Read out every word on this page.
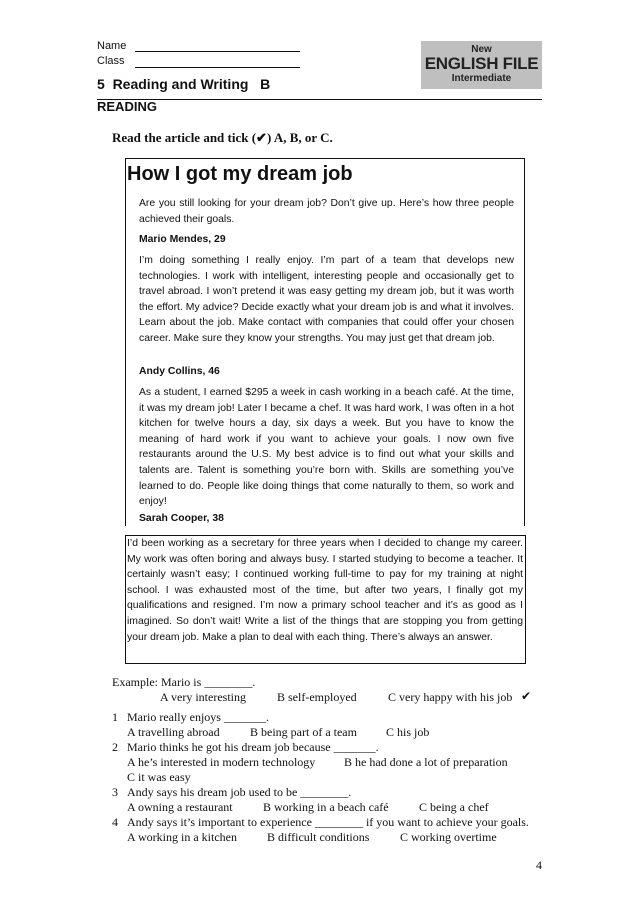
Name
Class
New
ENGLISH FILE
Intermediate
5  Reading and Writing   B
READING
Read the article and tick (✔) A, B, or C.
How I got my dream job
Are you still looking for your dream job? Don’t give up. Here’s how three people achieved their goals.
Mario Mendes, 29
I’m doing something I really enjoy. I’m part of a team that develops new technologies. I work with intelligent, interesting people and occasionally get to travel abroad. I won’t pretend it was easy getting my dream job, but it was worth the effort. My advice? Decide exactly what your dream job is and what it involves. Learn about the job. Make contact with companies that could offer your chosen career. Make sure they know your strengths. You may just get that dream job.
Andy Collins, 46
As a student, I earned $295 a week in cash working in a beach café. At the time, it was my dream job! Later I became a chef. It was hard work, I was often in a hot kitchen for twelve hours a day, six days a week. But you have to know the meaning of hard work if you want to achieve your goals. I now own five restaurants around the U.S. My best advice is to find out what your skills and talents are. Talent is something you’re born with. Skills are something you’ve learned to do. People like doing things that come naturally to them, so work and enjoy!
Sarah Cooper, 38
I’d been working as a secretary for three years when I decided to change my career. My work was often boring and always busy. I started studying to become a teacher. It certainly wasn’t easy; I continued working full-time to pay for my training at night school. I was exhausted most of the time, but after two years, I finally got my qualifications and resigned. I’m now a primary school teacher and it’s as good as I imagined. So don’t wait! Write a list of the things that are stopping you from getting your dream job. Make a plan to deal with each thing. There’s always an answer.
Example: Mario is ________.
A very interesting	B self-employed	C very happy with his job ✔
1 Mario really enjoys _______.
A travelling abroad	B being part of a team C his job
2 Mario thinks he got his dream job because _______.
A he’s interested in modern technology B he had done a lot of preparation
C it was easy
3 Andy says his dream job used to be ________.
A owning a restaurant	B working in a beach café	C being a chef
4 Andy says it’s important to experience ________ if you want to achieve your goals.
A working in a kitchen	B difficult conditions	C working overtime
4
